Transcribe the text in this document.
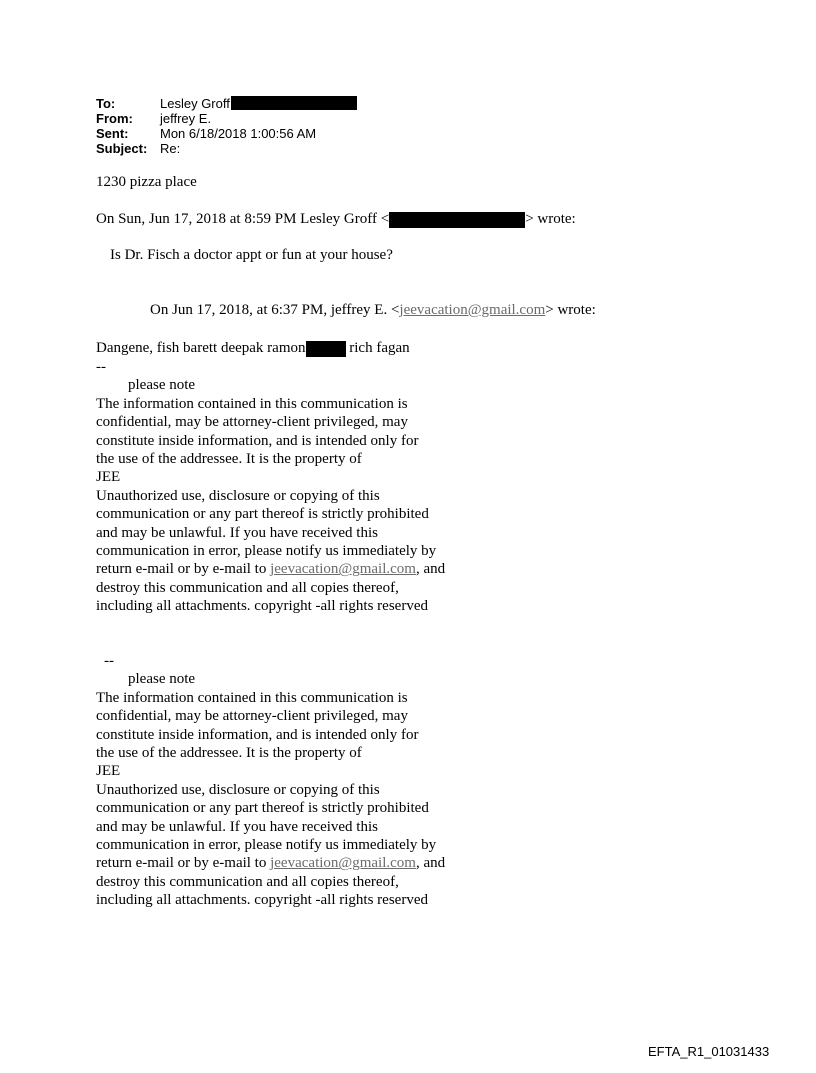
To:	Lesley Groff
From:	jeffrey E.
Sent:	Mon 6/18/2018 1:00:56 AM
Subject: Re:
1230 pizza place
On Sun, Jun 17, 2018 at 8:59 PM Lesley Groff <	> wrote:
Is Dr. Fisch a doctor appt or fun at your house?
On Jun 17, 2018, at 6:37 PM, jeffrey E. <jeevacation@gmail.com> wrote:
Dangene, fish barett deepak ramon	rich fagan
--
please note
The information contained in this communication is
confidential, may be attorney-client privileged, may
constitute inside information, and is intended only for
the use of the addressee. It is the property of
JEE
Unauthorized use, disclosure or copying of this
communication or any part thereof is strictly prohibited
and may be unlawful. If you have received this
communication in error, please notify us immediately by
return e-mail or by e-mail to jeevacation@gmail.com, and
destroy this communication and all copies thereof,
including all attachments. copyright -all rights reserved
--
please note
The information contained in this communication is
confidential, may be attorney-client privileged, may
constitute inside information, and is intended only for
the use of the addressee. It is the property of
JEE
Unauthorized use, disclosure or copying of this
communication or any part thereof is strictly prohibited
and may be unlawful. If you have received this
communication in error, please notify us immediately by
return e-mail or by e-mail to jeevacation@gmail.com, and
destroy this communication and all copies thereof,
including all attachments. copyright -all rights reserved
EFTA_R1_01031433
